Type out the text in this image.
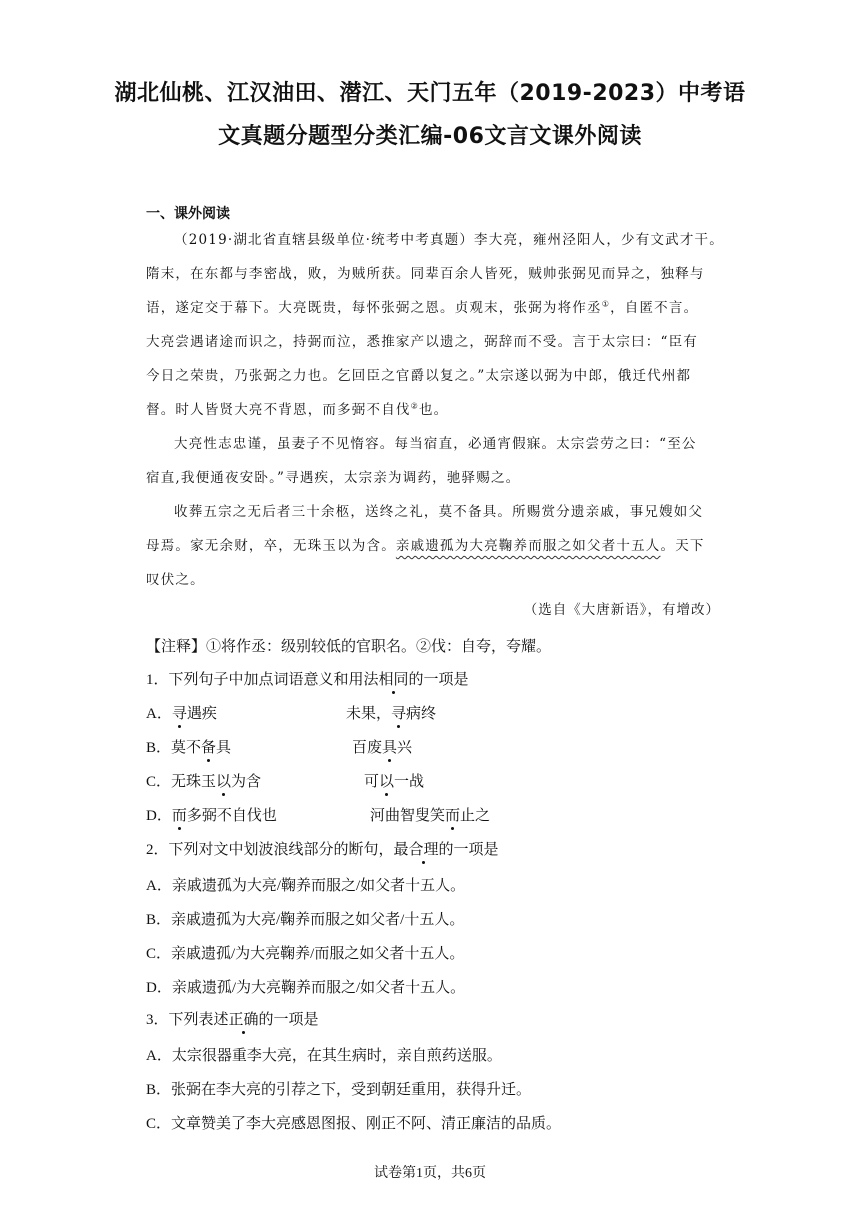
湖北仙桃、江汉油田、潜江、天门五年（2019-2023）中考语
文真题分题型分类汇编-06文言文课外阅读
一、课外阅读
（2019·湖北省直辖县级单位·统考中考真题）李大亮，雍州泾阳人，少有文武才干。
隋末，在东都与李密战，败，为贼所获。同辈百余人皆死，贼帅张弼见而异之，独释与
语，遂定交于幕下。大亮既贵，每怀张弼之恩。贞观末，张弼为将作丞①，自匿不言。
大亮尝遇诸途而识之，持弼而泣，悉推家产以遗之，弼辞而不受。言于太宗曰：“臣有
今日之荣贵，乃张弼之力也。乞回臣之官爵以复之。”太宗遂以弼为中郎，俄迁代州都
督。时人皆贤大亮不背恩，而多弼不自伐②也。
大亮性志忠谨，虽妻子不见惰容。每当宿直，必通宵假寐。太宗尝劳之曰：“至公
宿直,我便通夜安卧。”寻遇疾，太宗亲为调药，驰驿赐之。
收葬五宗之无后者三十余柩，送终之礼，莫不备具。所赐赏分遗亲戚，事兄嫂如父
母焉。家无余财，卒，无珠玉以为含。亲戚遗孤为大亮鞠养而服之如父者十五人。天下
叹伏之。
（选自《大唐新语》，有增改）
【注释】①将作丞：级别较低的官职名。②伐：自夸，夸耀。
1．下列句子中加点词语意义和用法相同的一项是
A．寻遇疾	未果，寻病终
B．莫不备具	百废具兴
C．无珠玉以为含	可以一战
D．而多弼不自伐也	河曲智叟笑而止之
2．下列对文中划波浪线部分的断句，最合理的一项是
A．亲戚遗孤为大亮/鞠养而服之/如父者十五人。
B．亲戚遗孤为大亮/鞠养而服之如父者/十五人。
C．亲戚遗孤/为大亮鞠养/而服之如父者十五人。
D．亲戚遗孤/为大亮鞠养而服之/如父者十五人。
3．下列表述正确的一项是
A．太宗很器重李大亮，在其生病时，亲自煎药送服。
B．张弼在李大亮的引荐之下，受到朝廷重用，获得升迁。
C．文章赞美了李大亮感恩图报、刚正不阿、清正廉洁的品质。
试卷第1页，共6页
